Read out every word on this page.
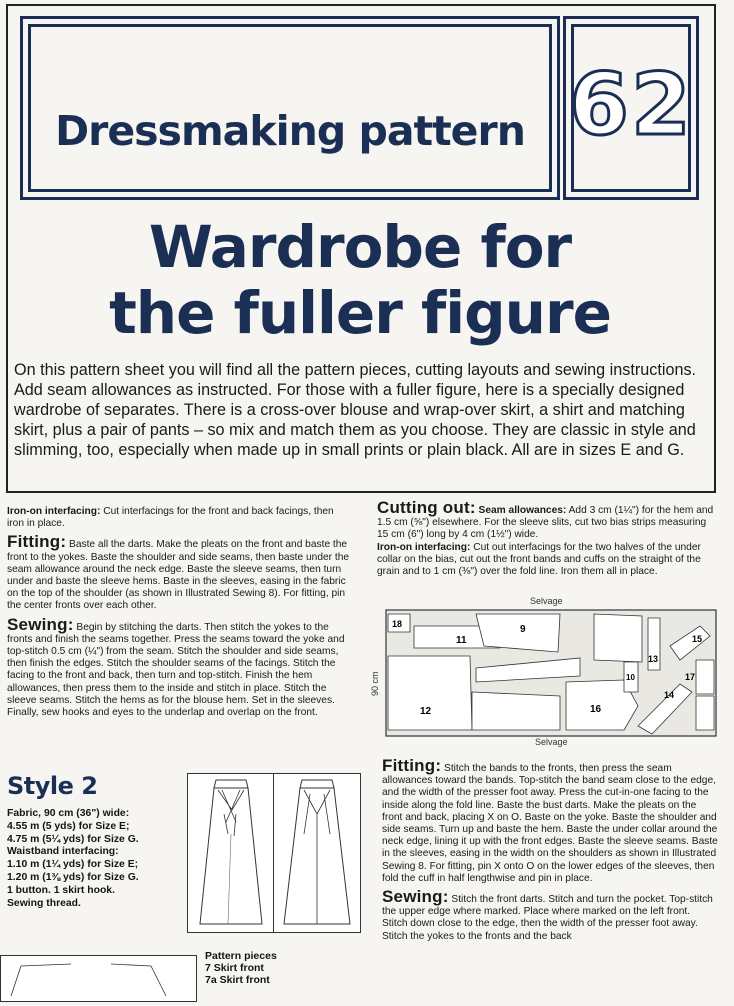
Dressmaking pattern 62
Wardrobe for
the fuller figure

On this pattern sheet you will find all the pattern pieces, cutting layouts and sewing instructions. Add seam allowances as instructed. For those with a fuller figure, here is a specially designed wardrobe of separates. There is a cross-over blouse and wrap-over skirt, a shirt and matching skirt, plus a pair of pants – so mix and match them as you choose. They are classic in style and slimming, too, especially when made up in small prints or plain black. All are in sizes E and G.

Iron-on interfacing: Cut interfacings for the front and back facings, then iron in place.

Fitting: Baste all the darts. Make the pleats on the front and baste the front to the yokes. Baste the shoulder and side seams, then baste under the seam allowance around the neck edge. Baste the sleeve seams, then turn under and baste the sleeve hems. Baste in the sleeves, easing in the fabric on the top of the shoulder (as shown in Illustrated Sewing 8). For fitting, pin the center fronts over each other.

Sewing: Begin by stitching the darts. Then stitch the yokes to the fronts and finish the seams together. Press the seams toward the yoke and top-stitch 0.5 cm (¼") from the seam. Stitch the shoulder and side seams, then finish the edges. Stitch the shoulder seams of the facings. Stitch the facing to the front and back, then turn and top-stitch. Finish the hem allowances, then press them to the inside and stitch in place. Stitch the sleeve seams. Stitch the hems as for the blouse hem. Set in the sleeves. Finally, sew hooks and eyes to the underlap and overlap on the front.

Style 2
Fabric, 90 cm (36") wide:
4.55 m (5 yds) for Size E;
4.75 m (5¼ yds) for Size G.
Waistband interfacing:
1.10 m (1¼ yds) for Size E;
1.20 m (1⅜ yds) for Size G.
1 button. 1 skirt hook.
Sewing thread.
Pattern pieces
7 Skirt front
7a Skirt front

Cutting out: Seam allowances: Add 3 cm (1¼") for the hem and 1.5 cm (⅝") elsewhere. For the sleeve slits, cut two bias strips measuring 15 cm (6") long by 4 cm (1½") wide.
Iron-on interfacing: Cut out interfacings for the two halves of the under collar on the bias, cut out the front bands and cuffs on the straight of the grain and to 1 cm (⅜") over the fold line. Iron them all in place.

Selvage
Selvage
90 cm
18
11
9
13
15
10	17
14
12	16

Fitting: Stitch the bands to the fronts, then press the seam allowances toward the bands. Top-stitch the band seam close to the edge, and the width of the presser foot away. Press the cut-in-one facing to the inside along the fold line. Baste the bust darts. Make the pleats on the front and back, placing X on O. Baste on the yoke. Baste the shoulder and side seams. Turn up and baste the hem. Baste the under collar around the neck edge, lining it up with the front edges. Baste the sleeve seams. Baste in the sleeves, easing in the width on the shoulders as shown in Illustrated Sewing 8. For fitting, pin X onto O on the lower edges of the sleeves, then fold the cuff in half lengthwise and pin in place.

Sewing: Stitch the front darts. Stitch and turn the pocket. Top-stitch the upper edge where marked. Place where marked on the left front. Stitch down close to the edge, then the width of the presser foot away. Stitch the yokes to the fronts and the back
